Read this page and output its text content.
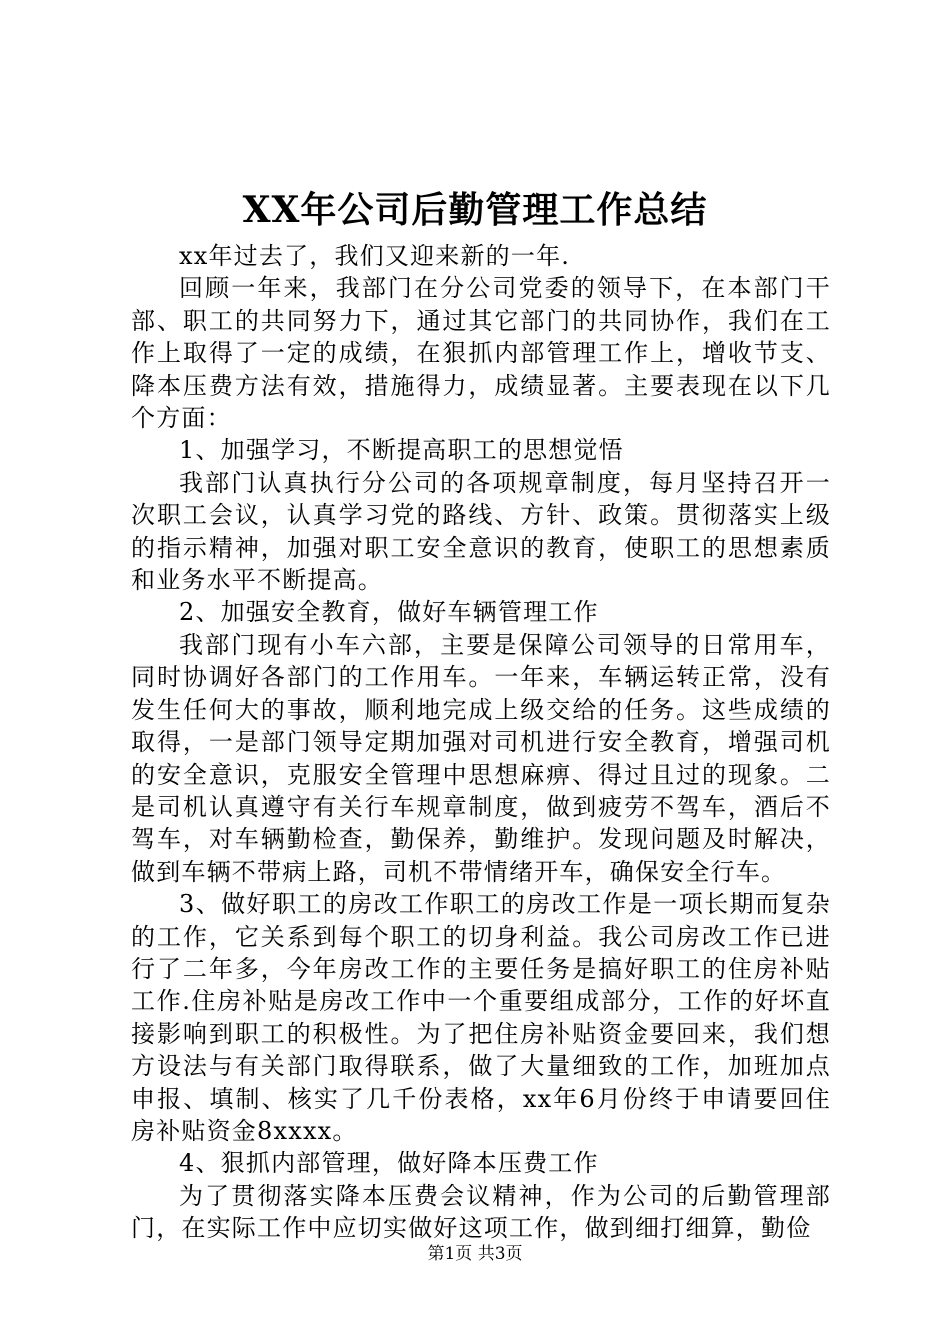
XX年公司后勤管理工作总结

xx年过去了，我们又迎来新的一年.

回顾一年来，我部门在分公司党委的领导下，在本部门干部、职工的共同努力下，通过其它部门的共同协作，我们在工作上取得了一定的成绩，在狠抓内部管理工作上，增收节支、降本压费方法有效，措施得力，成绩显著。主要表现在以下几个方面：

1、加强学习，不断提高职工的思想觉悟

我部门认真执行分公司的各项规章制度，每月坚持召开一次职工会议，认真学习党的路线、方针、政策。贯彻落实上级的指示精神，加强对职工安全意识的教育，使职工的思想素质和业务水平不断提高。

2、加强安全教育，做好车辆管理工作

我部门现有小车六部，主要是保障公司领导的日常用车，同时协调好各部门的工作用车。一年来，车辆运转正常，没有发生任何大的事故，顺利地完成上级交给的任务。这些成绩的取得，一是部门领导定期加强对司机进行安全教育，增强司机的安全意识，克服安全管理中思想麻痹、得过且过的现象。二是司机认真遵守有关行车规章制度，做到疲劳不驾车，酒后不驾车，对车辆勤检查，勤保养，勤维护。发现问题及时解决，做到车辆不带病上路，司机不带情绪开车，确保安全行车。

3、做好职工的房改工作职工的房改工作是一项长期而复杂的工作，它关系到每个职工的切身利益。我公司房改工作已进行了二年多，今年房改工作的主要任务是搞好职工的住房补贴工作.住房补贴是房改工作中一个重要组成部分，工作的好坏直接影响到职工的积极性。为了把住房补贴资金要回来，我们想方设法与有关部门取得联系，做了大量细致的工作，加班加点申报、填制、核实了几千份表格，xx年6月份终于申请要回住房补贴资金8xxxx。

4、狠抓内部管理，做好降本压费工作

为了贯彻落实降本压费会议精神，作为公司的后勤管理部门，在实际工作中应切实做好这项工作，做到细打细算，勤俭

第1页 共3页
